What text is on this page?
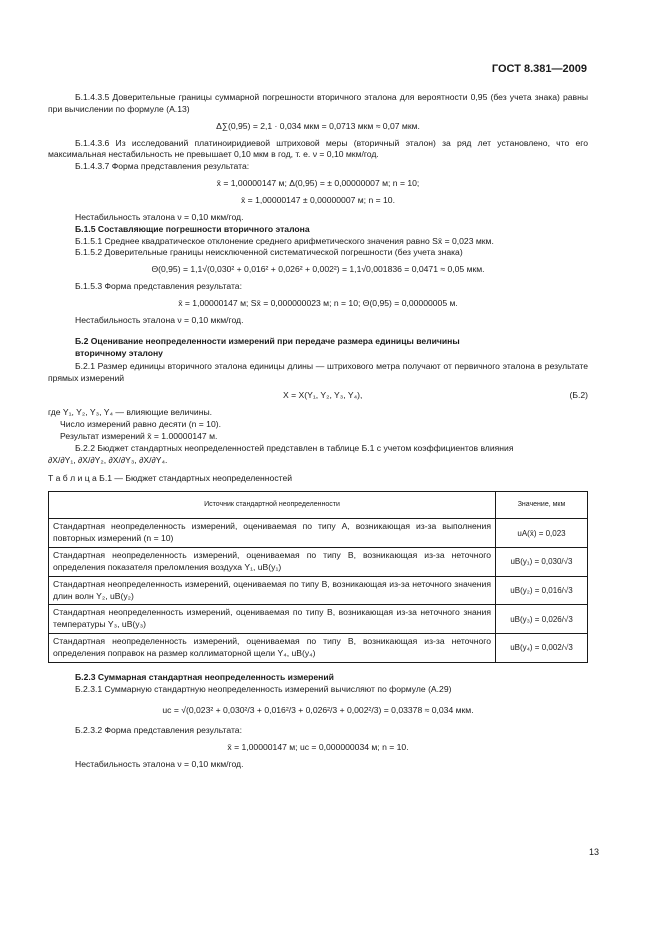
ГОСТ 8.381—2009

Б.1.4.3.5 Доверительные границы суммарной погрешности вторичного эталона для вероятности 0,95 (без учета знака) равны при вычислении по формуле (А.13)

Δ∑(0,95) = 2,1 · 0,034 мкм = 0,0713 мкм ≈ 0,07 мкм.

Б.1.4.3.6 Из исследований платиноиридиевой штриховой меры (вторичный эталон) за ряд лет установлено, что его максимальная нестабильность не превышает 0,10 мкм в год, т. е. ν = 0,10 мкм/год.

Б.1.4.3.7 Форма представления результата:

x̄ = 1,00000147 м; Δ(0,95) = ± 0,00000007 м; n = 10;

x̄ = 1,00000147 ± 0,00000007 м; n = 10.

Нестабильность эталона ν = 0,10 мкм/год.

Б.1.5 Составляющие погрешности вторичного эталона

Б.1.5.1 Среднее квадратическое отклонение среднего арифметического значения равно Sx̄ = 0,023 мкм.

Б.1.5.2 Доверительные границы неисключенной систематической погрешности (без учета знака)

Θ(0,95) = 1,1√(0,030² + 0,016² + 0,026² + 0,002²) = 1,1√0,001836 = 0,0471 ≈ 0,05 мкм.

Б.1.5.3 Форма представления результата:

x̄ = 1,00000147 м; Sx̄ = 0,000000023 м; n = 10; Θ(0,95) = 0,00000005 м.

Нестабильность эталона ν = 0,10 мкм/год.

Б.2 Оценивание неопределенности измерений при передаче размера единицы величины
вторичному эталону

Б.2.1 Размер единицы вторичного эталона единицы длины — штрихового метра получают от первичного эталона в результате прямых измерений

X = X(Y₁, Y₂, Y₃, Y₄),	(Б.2)

где Y₁, Y₂, Y₃, Y₄ — влияющие величины.

Число измерений равно десяти (n = 10).

Результат измерений x̄ = 1.00000147 м.

Б.2.2 Бюджет стандартных неопределенностей представлен в таблице Б.1 с учетом коэффициентов влияния

∂X/∂Y₁, ∂X/∂Y₂, ∂X/∂Y₃, ∂X/∂Y₄.

Т а б л и ц а Б.1 — Бюджет стандартных неопределенностей

Источник стандартной неопределенности	Значение, мкм
Стандартная неопределенность измерений, оцениваемая по типу А, возникающая из-за выполнения повторных измерений (n = 10)	uA(x̄) = 0,023
Стандартная неопределенность измерений, оцениваемая по типу В, возникающая из-за неточного определения показателя преломления воздуха Y₁, uB(y₁)	uB(y₁) = 0,030/√3
Стандартная неопределенность измерений, оцениваемая по типу В, возникающая из-за неточного значения длин волн Y₂, uB(y₂)	uB(y₂) = 0,016/√3
Стандартная неопределенность измерений, оцениваемая по типу В, возникающая из-за неточного знания температуры Y₃, uB(y₃)	uB(y₃) = 0,026/√3
Стандартная неопределенность измерений, оцениваемая по типу В, возникающая из-за неточного определения поправок на размер коллиматорной щели Y₄, uB(y₄)	uB(y₄) = 0,002/√3

Б.2.3 Суммарная стандартная неопределенность измерений

Б.2.3.1 Суммарную стандартную неопределенность измерений вычисляют по формуле (А.29)

uc = √(0,023² + 0,030²/3 + 0,016²/3 + 0,026²/3 + 0,002²/3) = 0,03378 ≈ 0,034 мкм.

Б.2.3.2 Форма представления результата:

x̄ = 1,00000147 м; uc = 0,000000034 м; n = 10.

Нестабильность эталона ν = 0,10 мкм/год.

13
